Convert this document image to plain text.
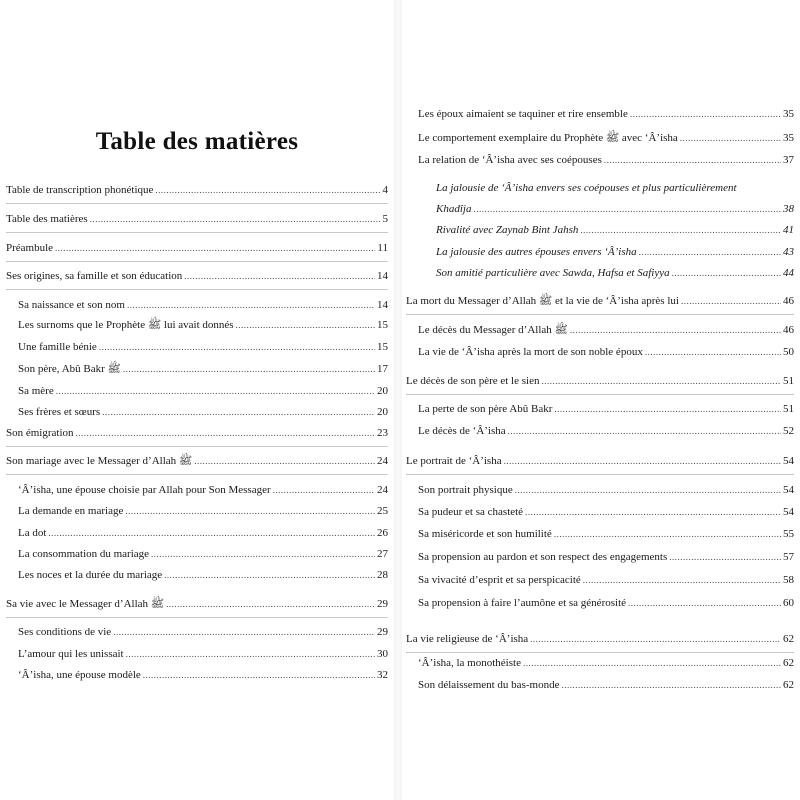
Table des matières
Table de transcription phonétique .....	4
Table des matières .....	5
Préambule .....	11
Ses origines, sa famille et son éducation .....	14
Sa naissance et son nom .....	14
Les surnoms que le Prophète ﷺ lui avait donnés .....	15
Une famille bénie .....	15
Son père, Abû Bakr ﷺ .....	17
Sa mère .....	20
Ses frères et sœurs .....	20
Son émigration .....	23
Son mariage avec le Messager d’Allah ﷺ .....	24
‘Â’isha, une épouse choisie par Allah pour Son Messager .....	24
La demande en mariage .....	25
La dot .....	26
La consommation du mariage .....	27
Les noces et la durée du mariage .....	28
Sa vie avec le Messager d’Allah ﷺ .....	29
Ses conditions de vie .....	29
L’amour qui les unissait .....	30
‘Â’isha, une épouse modèle .....	32
Les époux aimaient se taquiner et rire ensemble .....	35
Le comportement exemplaire du Prophète ﷺ avec ‘Â’isha .....	35
La relation de ‘Â’isha avec ses coépouses .....	37
La jalousie de ‘Â’isha envers ses coépouses et plus particulièrement
Khadîja .....	38
Rivalité avec Zaynab Bint Jahsh .....	41
La jalousie des autres épouses envers ‘Â’isha .....	43
Son amitié particulière avec Sawda, Hafsa et Safiyya .....	44
La mort du Messager d’Allah ﷺ et la vie de ‘Â’isha après lui .....	46
Le décès du Messager d’Allah ﷺ .....	46
La vie de ‘Â’isha après la mort de son noble époux .....	50
Le décès de son père et le sien .....	51
La perte de son père Abû Bakr .....	51
Le décès de ‘Â’isha .....	52
Le portrait de ‘Â’isha .....	54
Son portrait physique .....	54
Sa pudeur et sa chasteté .....	54
Sa miséricorde et son humilité .....	55
Sa propension au pardon et son respect des engagements .....	57
Sa vivacité d’esprit et sa perspicacité .....	58
Sa propension à faire l’aumône et sa générosité .....	60
La vie religieuse de ‘Â’isha .....	62
‘Â’isha, la monothéiste .....	62
Son délaissement du bas-monde .....	62
